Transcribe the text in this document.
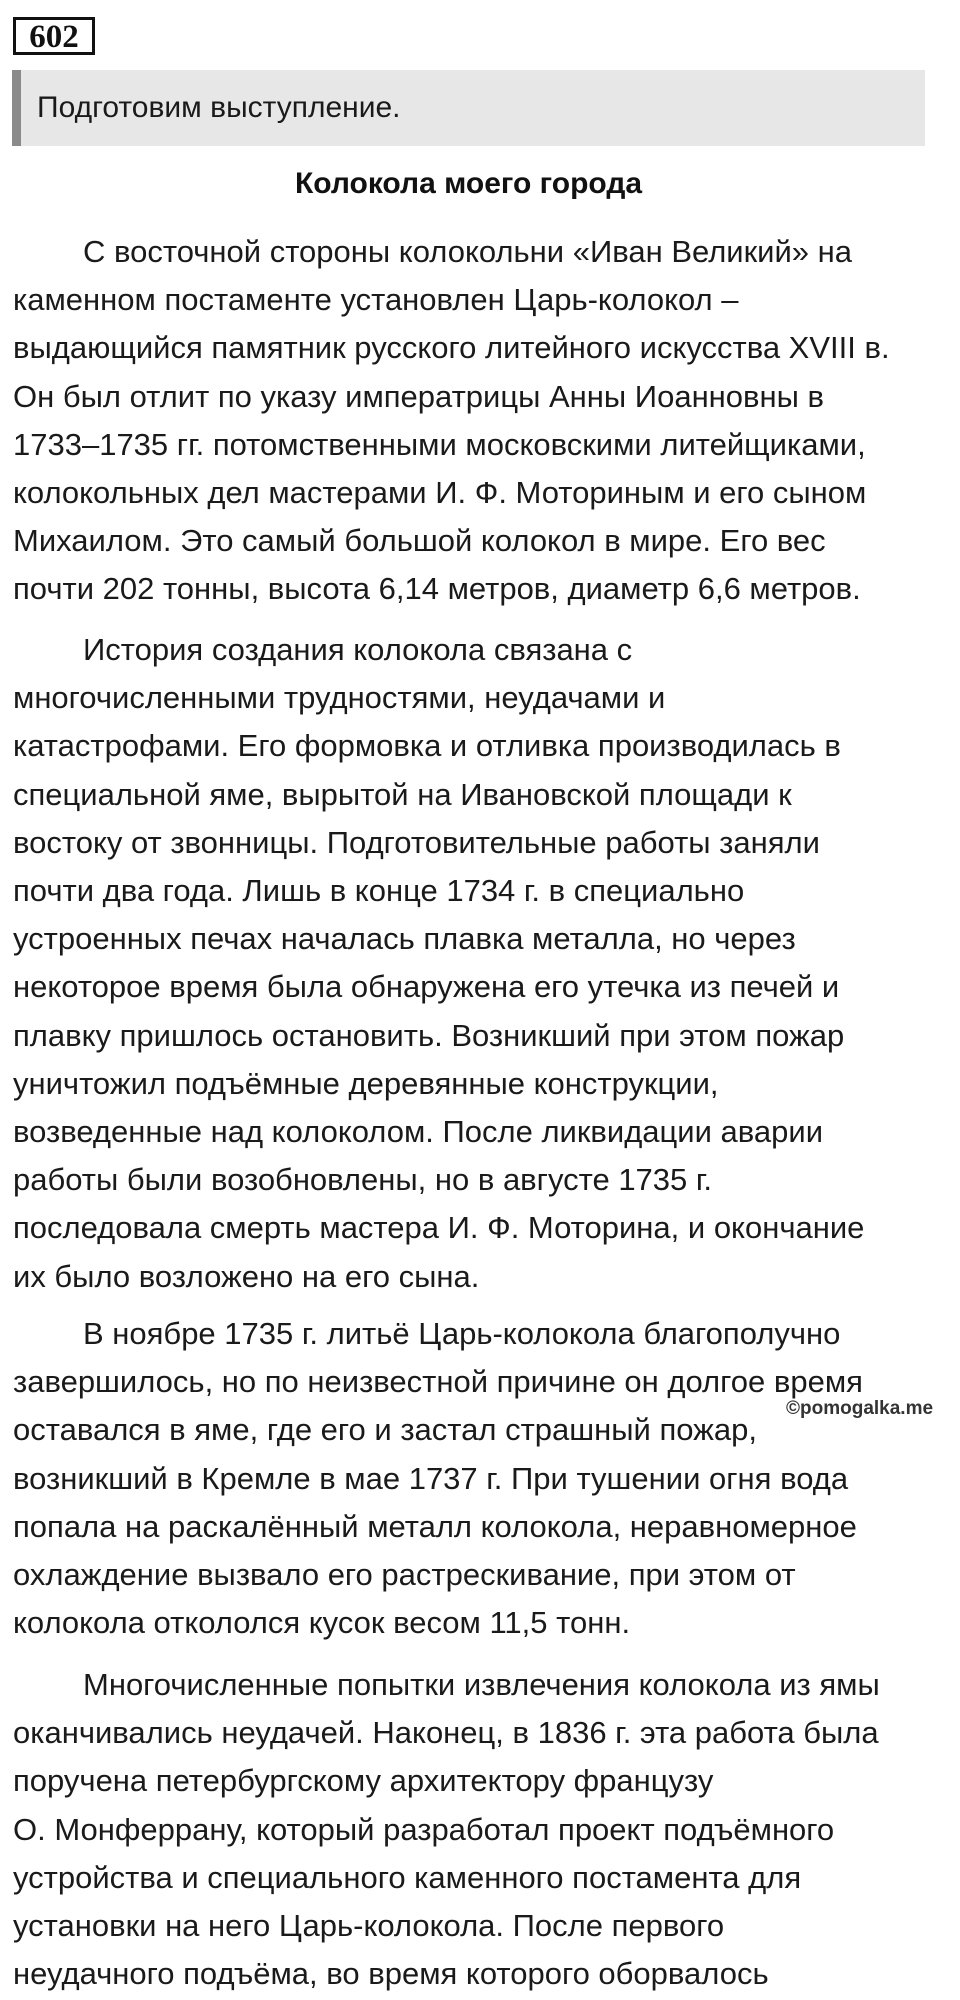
602
Подготовим выступление.
Колокола моего города
С восточной стороны колокольни «Иван Великий» на
каменном постаменте установлен Царь-колокол –
выдающийся памятник русского литейного искусства XVIII в.
Он был отлит по указу императрицы Анны Иоанновны в
1733–1735 гг. потомственными московскими литейщиками,
колокольных дел мастерами И. Ф. Моториным и его сыном
Михаилом. Это самый большой колокол в мире. Его вес
почти 202 тонны, высота 6,14 метров, диаметр 6,6 метров.
История создания колокола связана с
многочисленными трудностями, неудачами и
катастрофами. Его формовка и отливка производилась в
специальной яме, вырытой на Ивановской площади к
востоку от звонницы. Подготовительные работы заняли
почти два года. Лишь в конце 1734 г. в специально
устроенных печах началась плавка металла, но через
некоторое время была обнаружена его утечка из печей и
плавку пришлось остановить. Возникший при этом пожар
уничтожил подъёмные деревянные конструкции,
возведенные над колоколом. После ликвидации аварии
работы были возобновлены, но в августе 1735 г.
последовала смерть мастера И. Ф. Моторина, и окончание
их было возложено на его сына.
В ноябре 1735 г. литьё Царь-колокола благополучно
завершилось, но по неизвестной причине он долгое время
оставался в яме, где его и застал страшный пожар,
возникший в Кремле в мае 1737 г. При тушении огня вода
попала на раскалённый металл колокола, неравномерное
охлаждение вызвало его растрескивание, при этом от
колокола откололся кусок весом 11,5 тонн.
©pomogalka.me
Многочисленные попытки извлечения колокола из ямы
оканчивались неудачей. Наконец, в 1836 г. эта работа была
поручена петербургскому архитектору французу
О. Монферрану, который разработал проект подъёмного
устройства и специального каменного постамента для
установки на него Царь-колокола. После первого
неудачного подъёма, во время которого оборвалось
